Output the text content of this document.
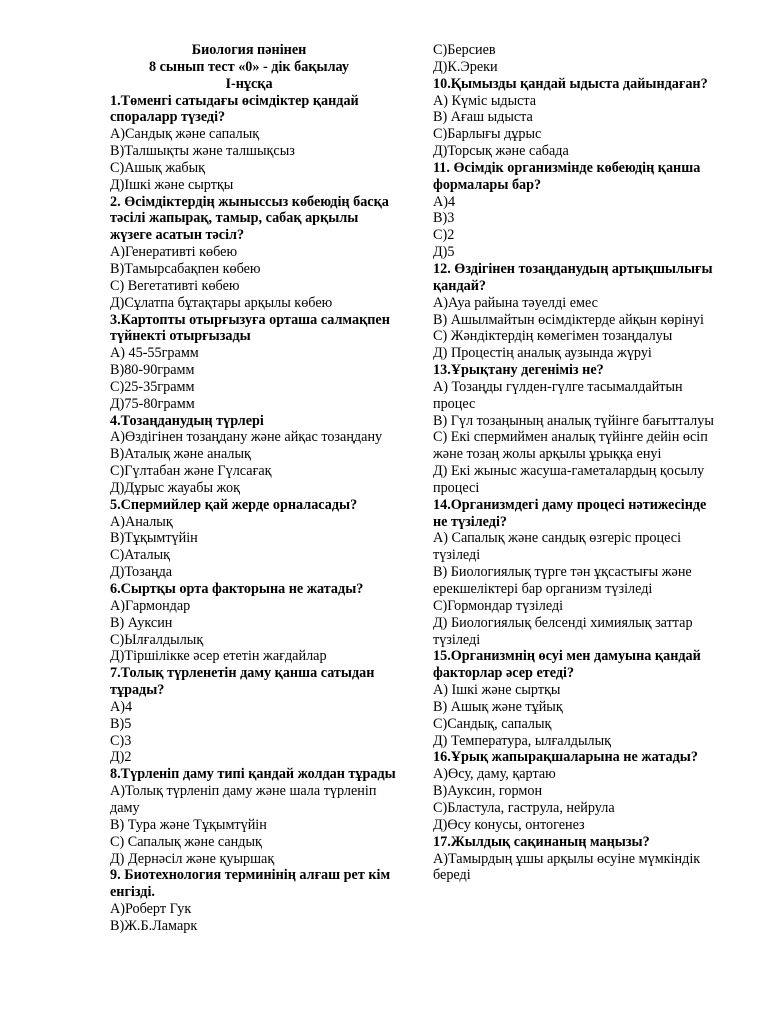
Биология пәнінен
8 сынып тест «0» - дік бақылау
І-нұсқа
1.Төменгі сатыдағы өсімдіктер қандай спораларр түзеді?
А)Сандық және сапалық
В)Талшықты және талшықсыз
С)Ашық жабық
Д)Ішкі және сыртқы
2. Өсімдіктердің жыныссыз көбеюдің басқа тәсілі жапырақ, тамыр, сабақ арқылы жүзеге асатын тәсіл?
А)Генеративті көбею
В)Тамырсабақпен көбею
С) Вегетативті көбею
Д)Сұлатпа бұтақтары арқылы көбею
3.Картопты отырғызуға орташа салмақпен түйнекті отырғызады
А) 45-55грамм
В)80-90грамм
С)25-35грамм
Д)75-80грамм
4.Тозаңданудың түрлері
А)Өздігінен тозаңдану және айқас тозаңдану
В)Аталық және аналық
С)Гүлтабан және Гүлсағақ
Д)Дұрыс жауабы жоқ
5.Спермийлер қай жерде орналасады?
А)Аналық
В)Тұқымтүйін
С)Аталық
Д)Тозаңда
6.Сыртқы орта факторына не жатады?
А)Гармондар
В) Ауксин
С)Ылғалдылық
Д)Тіршілікке әсер ететін жағдайлар
7.Толық түрленетін даму қанша сатыдан тұрады?
А)4
В)5
С)3
Д)2
8.Түрленіп даму типі қандай жолдан тұрады
А)Толық түрленіп даму және шала түрленіп даму
В) Тура және Тұқымтүйін
С) Сапалық және сандық
Д) Дернәсіл және қуыршақ
9. Биотехнология терминінің алғаш рет кім енгізді.
А)Роберт Гук
В)Ж.Б.Ламарк
С)Берсиев
Д)К.Эреки
10.Қымызды қандай ыдыста дайындаған?
А) Күміс ыдыста
В) Ағаш ыдыста
С)Барлығы дұрыс
Д)Торсық және сабада
11. Өсімдік организмінде көбеюдің қанша формалары бар?
А)4
В)3
С)2
Д)5
12. Өздігінен тозаңданудың артықшылығы қандай?
А)Ауа райына тәуелді емес
В) Ашылмайтын өсімдіктерде айқын көрінуі
С) Жәндіктердің көмегімен тозаңдалуы
Д) Процестің аналық аузында жүруі
13.Ұрықтану дегеніміз не?
А) Тозаңды гүлден-гүлге тасымалдайтын процес
В) Гүл тозаңының аналық түйінге бағытталуы
С) Екі спермиймен аналық түйінге дейін өсіп және тозаң жолы арқылы ұрыққа енуі
Д) Екі жыныс жасуша-гаметалардың қосылу процесі
14.Организмдегі даму процесі нәтижесінде не түзіледі?
А) Сапалық және сандық өзгеріс процесі түзіледі
В) Биологиялық түрге тән ұқсастығы және ерекшеліктері бар организм түзіледі
С)Гормондар түзіледі
Д) Биологиялық белсенді химиялық заттар түзіледі
15.Организмнің өсуі мен дамуына қандай факторлар әсер етеді?
А) Ішкі және сыртқы
В) Ашық және тұйық
С)Сандық, сапалық
Д) Температура, ылғалдылық
16.Ұрық жапырақшаларына не жатады?
А)Өсу, даму, қартаю
В)Ауксин, гормон
С)Бластула, гаструла, нейрула
Д)Өсу конусы, онтогенез
17.Жылдық сақинаның маңызы?
А)Тамырдың ұшы арқылы өсуіне мүмкіндік береді
